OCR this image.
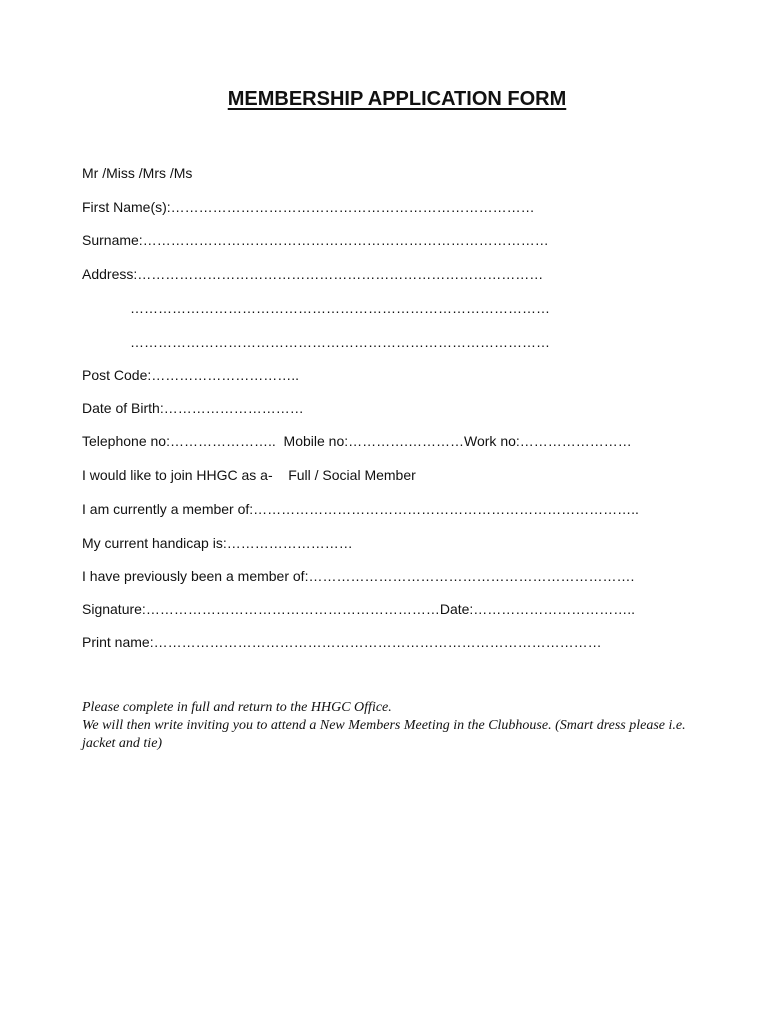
MEMBERSHIP APPLICATION FORM
Mr /Miss /Mrs /Ms
First Name(s):……………………………………………………………………
Surname:……………………………………………………………………………
Address:……………………………………………………………………………
………………………………………………………………………………
………………………………………………………………………………
Post Code:…………………………..
Date of Birth:…………………………
Telephone no:………………….. Mobile no:………….…………Work no:……………………
I would like to join HHGC as a- Full / Social Member
I am currently a member of:………………………………………………………………………..
My current handicap is:………………………
I have previously been a member of:…………………………………………………………….
Signature:………………………………………………………Date:……………………………..
Print name:……………………………………………………………………………………
Please complete in full and return to the HHGC Office.
We will then write inviting you to attend a New Members Meeting in the Clubhouse. (Smart dress please i.e. jacket and tie)
